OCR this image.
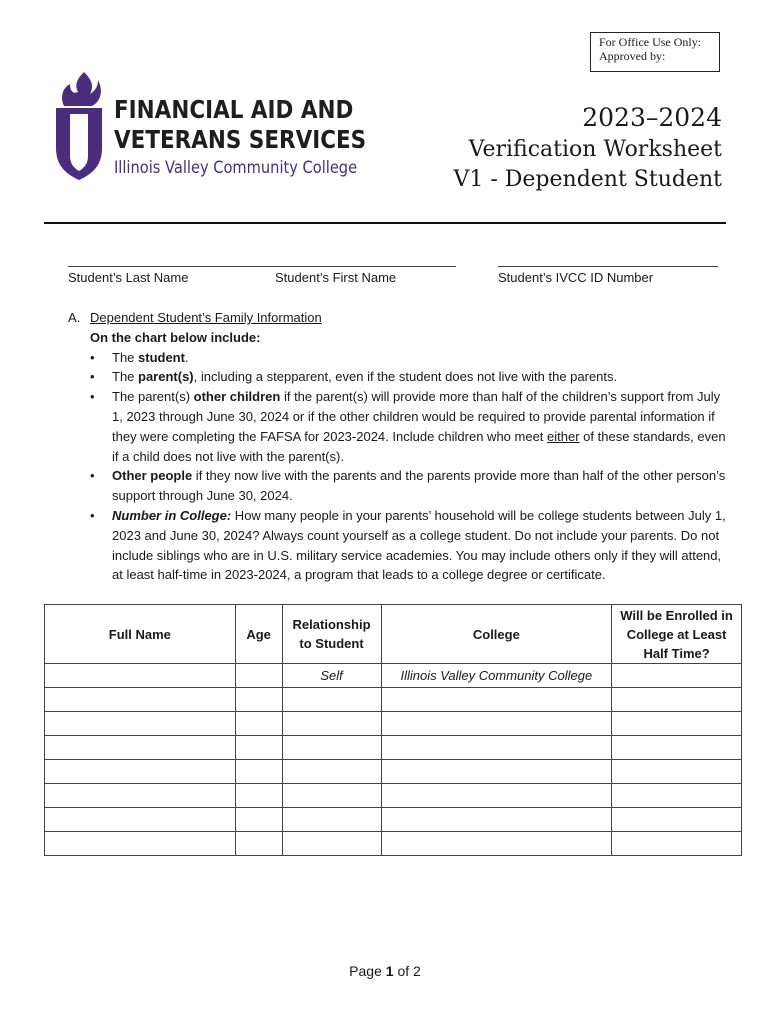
For Office Use Only:
Approved by:
FINANCIAL AID AND
VETERANS SERVICES
Illinois Valley Community College
2023–2024
Verification Worksheet
V1 - Dependent Student
Student’s Last Name	Student’s First Name	Student’s IVCC ID Number
A. Dependent Student’s Family Information
On the chart below include:
• The student.
• The parent(s), including a stepparent, even if the student does not live with the parents.
• The parent(s) other children if the parent(s) will provide more than half of the children’s support from July 1, 2023 through June 30, 2024 or if the other children would be required to provide parental information if they were completing the FAFSA for 2023-2024. Include children who meet either of these standards, even if a child does not live with the parent(s).
• Other people if they now live with the parents and the parents provide more than half of the other person’s support through June 30, 2024.
• Number in College: How many people in your parents’ household will be college students between July 1, 2023 and June 30, 2024? Always count yourself as a college student. Do not include your parents. Do not include siblings who are in U.S. military service academies. You may include others only if they will attend, at least half-time in 2023-2024, a program that leads to a college degree or certificate.
Full Name	Age	Relationship to Student	College	Will be Enrolled in College at Least Half Time?
		Self	Illinois Valley Community College	

Page 1 of 2
